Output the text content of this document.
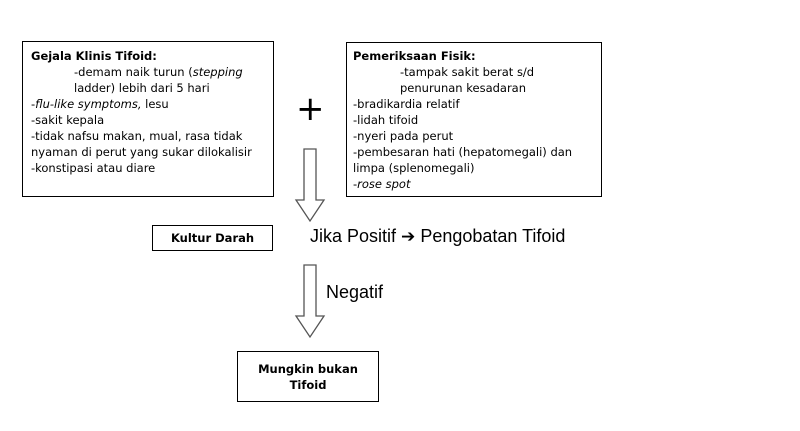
Gejala Klinis Tifoid:
-demam naik turun (stepping
ladder) lebih dari 5 hari
-flu-like symptoms, lesu
-sakit kepala
-tidak nafsu makan, mual, rasa tidak
nyaman di perut yang sukar dilokalisir
-konstipasi atau diare
+
Pemeriksaan Fisik:
-tampak sakit berat s/d
penurunan kesadaran
-bradikardia relatif
-lidah tifoid
-nyeri pada perut
-pembesaran hati (hepatomegali) dan
limpa (splenomegali)
-rose spot
Kultur Darah	Jika Positif ➔ Pengobatan Tifoid
Negatif
Mungkin bukan
Tifoid
